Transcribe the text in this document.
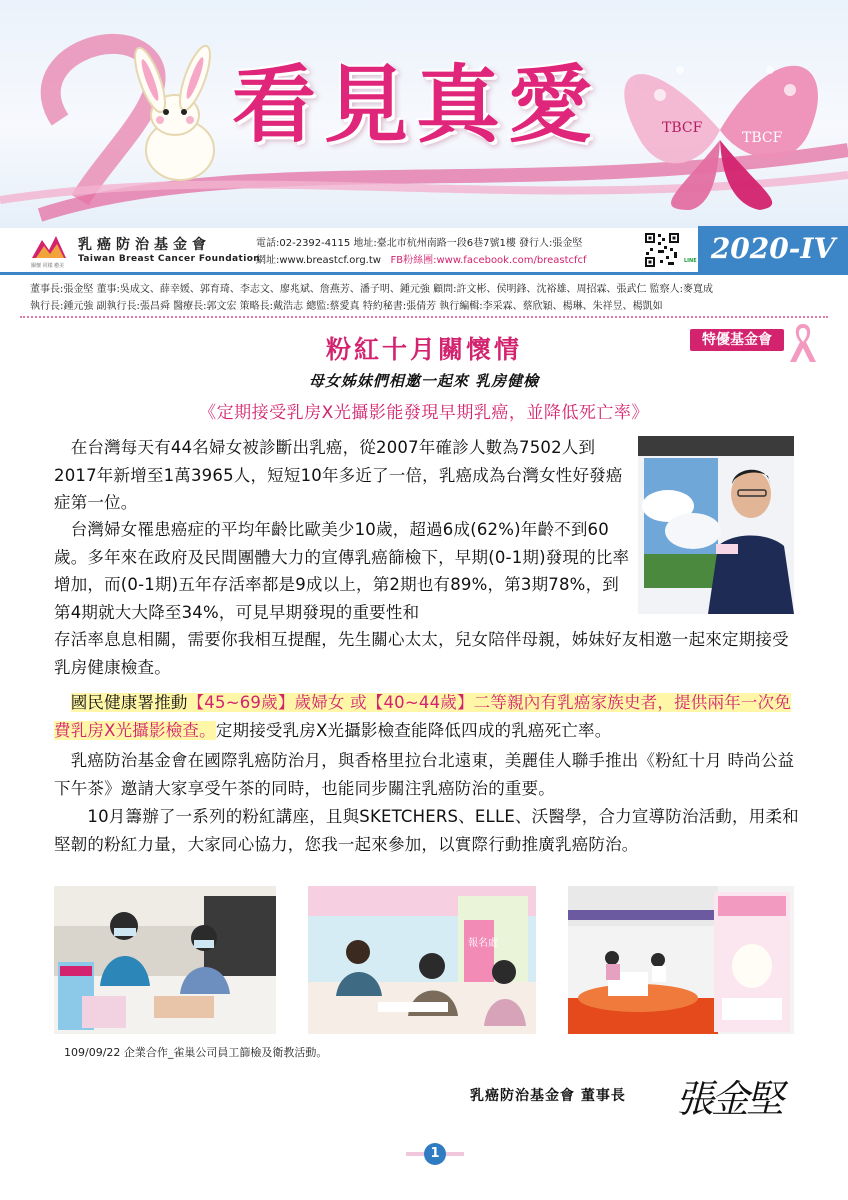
TBCF
TBCF
看見真愛
關懷 同樣 癒美
乳癌防治基金會
Taiwan Breast Cancer Foundation
電話:02-2392-4115 地址:臺北市杭州南路一段6巷7號1樓 發行人:張金堅
網址:www.breastcf.org.tw FB粉絲團:www.facebook.com/breastcfcf	LINE 2020-IV
董事長:張金堅 董事:吳成文、薛幸媛、郭育琦、李志文、廖兆斌、詹燕芳、潘子明、鍾元強 顧問:許文彬、侯明鋒、沈裕雄、周招霖、張武仁 監察人:麥寬成
執行長:鍾元強 副執行長:張昌舜 醫療長:郭文宏 策略長:戴浩志 總監:蔡愛真 特約秘書:張倩芳 執行編輯:李采霖、蔡欣穎、楊琳、朱祥昱、楊凱如
粉紅十月關懷情	特優基金會
母女姊妹們相邀一起來 乳房健檢
《定期接受乳房X光攝影能發現早期乳癌，並降低死亡率》
 在台灣每天有44名婦女被診斷出乳癌，從2007年確診人數為7502人到2017年新增至1萬3965人，短短10年多近了一倍，乳癌成為台灣女性好發癌症第一位。
 台灣婦女罹患癌症的平均年齡比歐美少10歲，超過6成(62%)年齡不到60歲。多年來在政府及民間團體大力的宣傳乳癌篩檢下，早期(0-1期)發現的比率增加，而(0-1期)五年存活率都是9成以上，第2期也有89%，第3期78%，到第4期就大大降至34%，可見早期發現的重要性和
存活率息息相關，需要你我相互提醒，先生關心太太，兒女陪伴母親，姊妹好友相邀一起來定期接受乳房健康檢查。
 國民健康署推動【45~69歲】歲婦女 或【40~44歲】二等親內有乳癌家族史者，提供兩年一次免費乳房X光攝影檢查。定期接受乳房X光攝影檢查能降低四成的乳癌死亡率。
 乳癌防治基金會在國際乳癌防治月，與香格里拉台北遠東，美麗佳人聯手推出《粉紅十月 時尚公益下午茶》邀請大家享受午茶的同時，也能同步關注乳癌防治的重要。
  10月籌辦了一系列的粉紅講座，且與SKETCHERS、ELLE、沃醫學，合力宣導防治活動，用柔和堅韌的粉紅力量，大家同心協力，您我一起來參加，以實際行動推廣乳癌防治。
報名處
109/09/22 企業合作_雀巢公司員工篩檢及衛教活動。
乳癌防治基金會 董事長 張金堅
1
